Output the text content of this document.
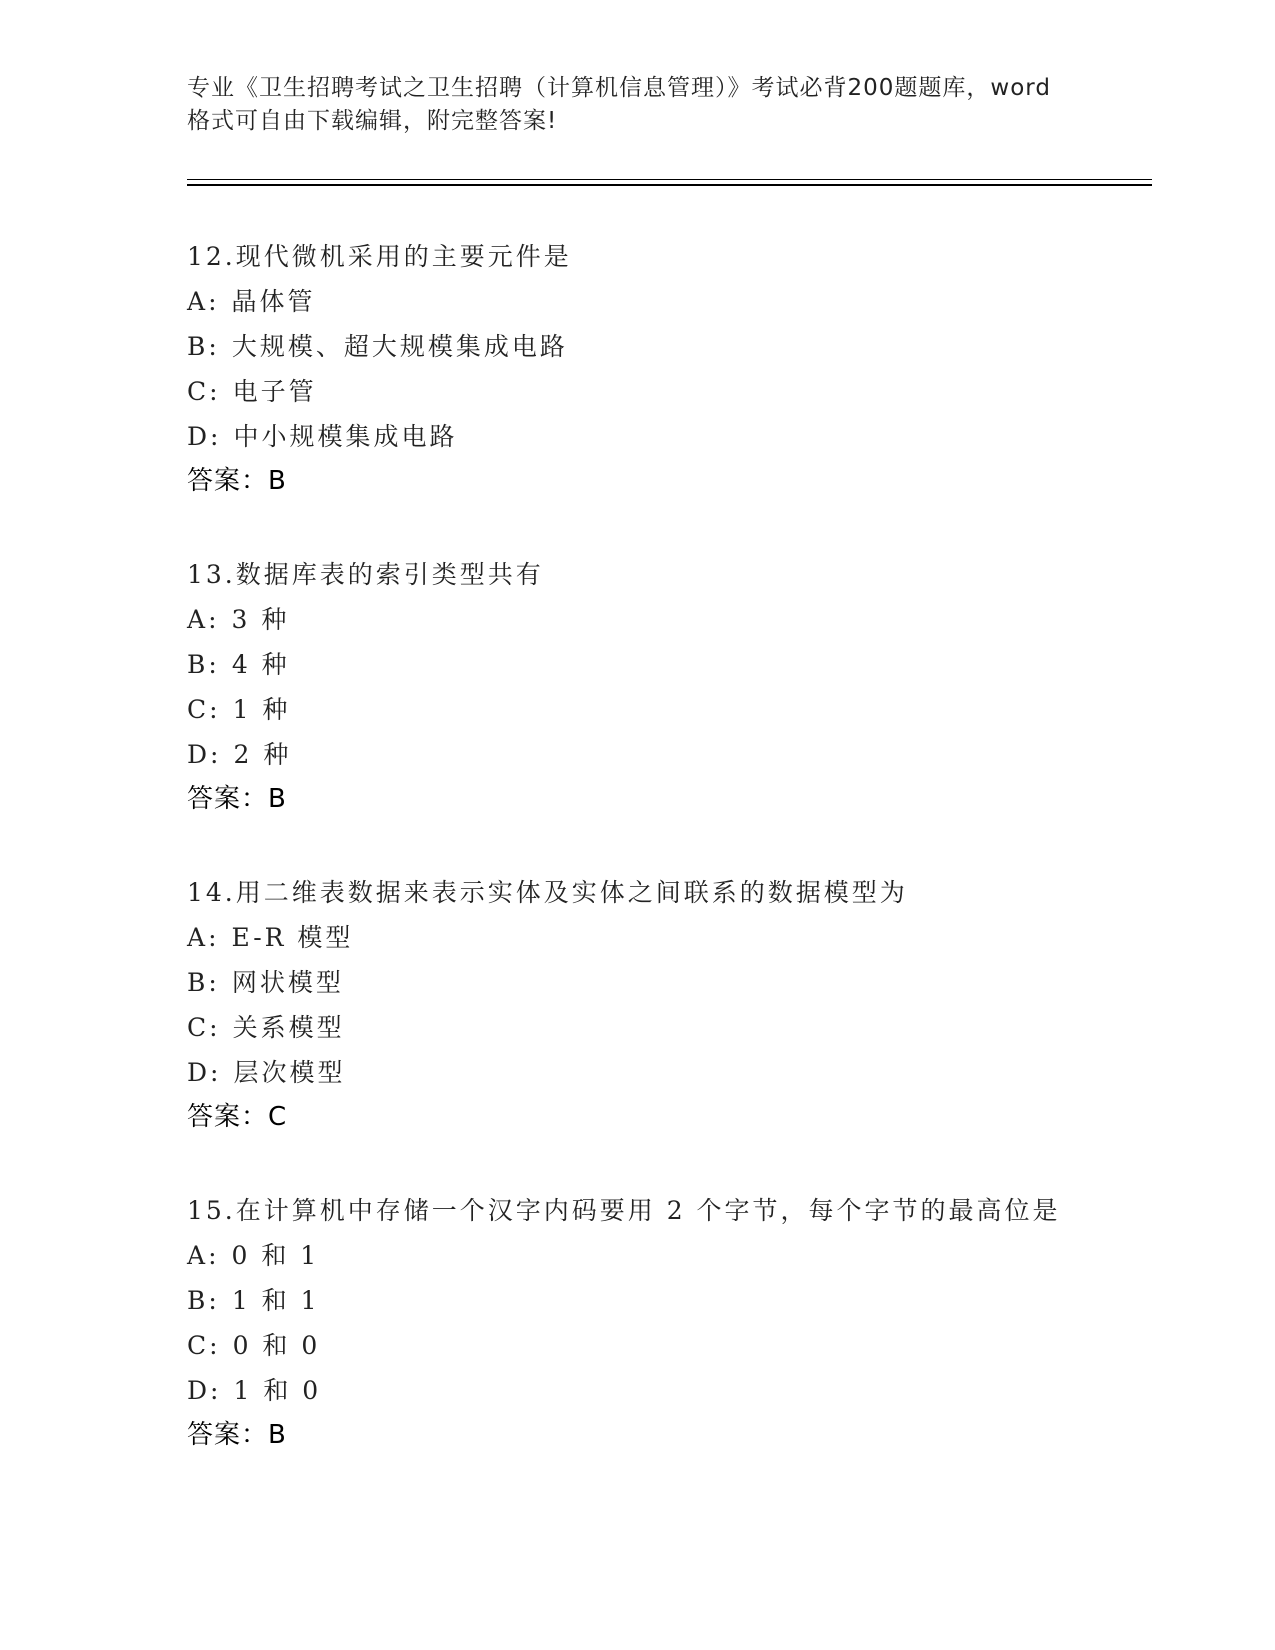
专业《卫生招聘考试之卫生招聘（计算机信息管理）》考试必背200题题库，word
格式可自由下载编辑，附完整答案!
12.现代微机采用的主要元件是
A: 晶体管
B: 大规模、超大规模集成电路
C: 电子管
D: 中小规模集成电路
答案：B
13.数据库表的索引类型共有
A: 3 种
B: 4 种
C: 1 种
D: 2 种
答案：B
14.用二维表数据来表示实体及实体之间联系的数据模型为
A: E-R 模型
B: 网状模型
C: 关系模型
D: 层次模型
答案：C
15.在计算机中存储一个汉字内码要用 2 个字节，每个字节的最高位是
A: 0 和 1
B: 1 和 1
C: 0 和 0
D: 1 和 0
答案：B
